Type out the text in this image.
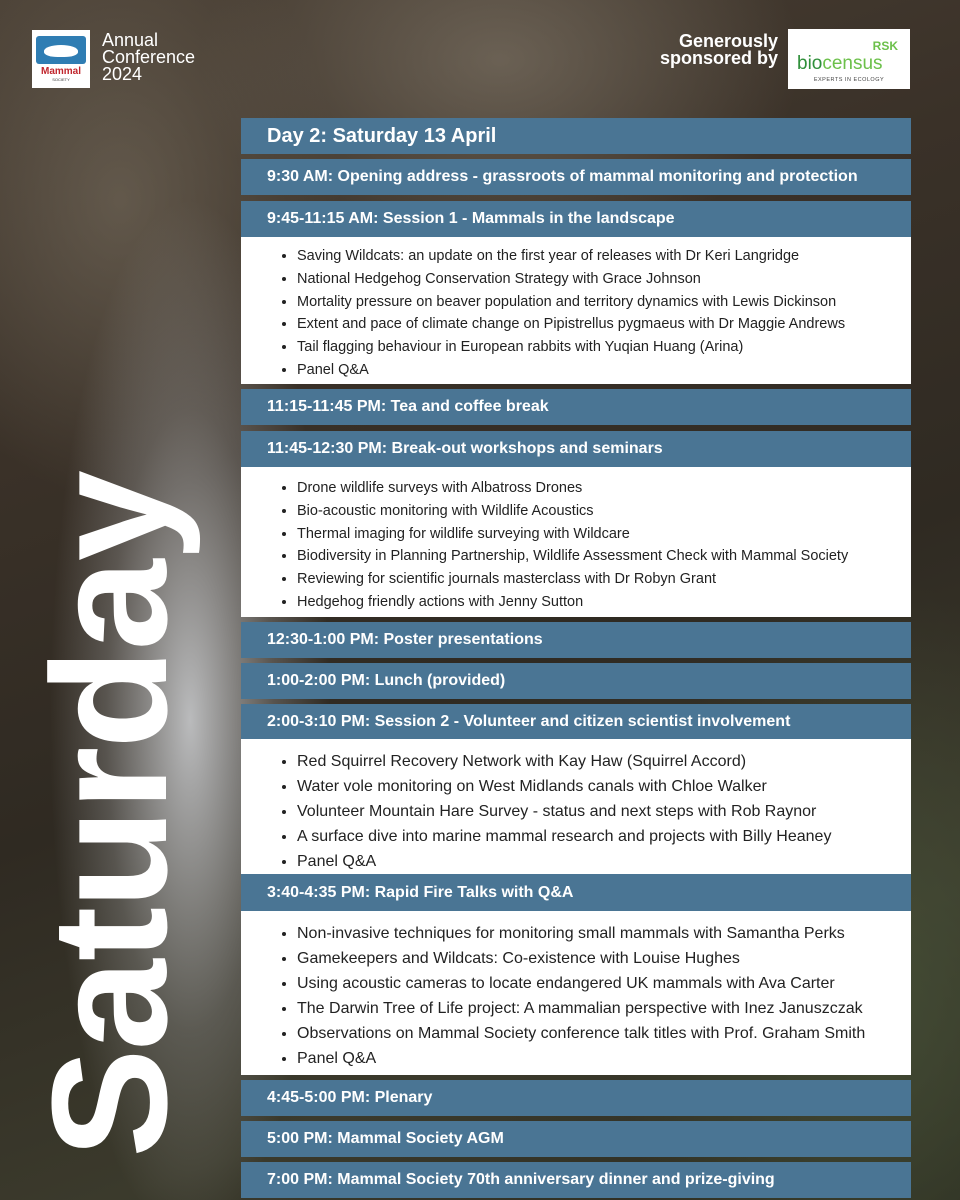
Mammal
SOCIETY
Annual
Conference
2024
Generously
sponsored by
RSK
biocensus
EXPERTS IN ECOLOGY
Saturday
Day 2: Saturday 13 April
9:30 AM: Opening address - grassroots of mammal monitoring and protection
9:45-11:15 AM: Session 1 - Mammals in the landscape
• Saving Wildcats: an update on the first year of releases with Dr Keri Langridge
• National Hedgehog Conservation Strategy with Grace Johnson
• Mortality pressure on beaver population and territory dynamics with Lewis Dickinson
• Extent and pace of climate change on Pipistrellus pygmaeus with Dr Maggie Andrews
• Tail flagging behaviour in European rabbits with Yuqian Huang (Arina)
• Panel Q&A
11:15-11:45 PM: Tea and coffee break
11:45-12:30 PM: Break-out workshops and seminars
• Drone wildlife surveys with Albatross Drones
• Bio-acoustic monitoring with Wildlife Acoustics
• Thermal imaging for wildlife surveying with Wildcare
• Biodiversity in Planning Partnership, Wildlife Assessment Check with Mammal Society
• Reviewing for scientific journals masterclass with Dr Robyn Grant
• Hedgehog friendly actions with Jenny Sutton
12:30-1:00 PM: Poster presentations
1:00-2:00 PM: Lunch (provided)
2:00-3:10 PM: Session 2 - Volunteer and citizen scientist involvement
• Red Squirrel Recovery Network with Kay Haw (Squirrel Accord)
• Water vole monitoring on West Midlands canals with Chloe Walker
• Volunteer Mountain Hare Survey - status and next steps with Rob Raynor
• A surface dive into marine mammal research and projects with Billy Heaney
• Panel Q&A
3:40-4:35 PM: Rapid Fire Talks with Q&A
• Non-invasive techniques for monitoring small mammals with Samantha Perks
• Gamekeepers and Wildcats: Co-existence with Louise Hughes
• Using acoustic cameras to locate endangered UK mammals with Ava Carter
• The Darwin Tree of Life project: A mammalian perspective with Inez Januszczak
• Observations on Mammal Society conference talk titles with Prof. Graham Smith
• Panel Q&A
4:45-5:00 PM: Plenary
5:00 PM: Mammal Society AGM
7:00 PM: Mammal Society 70th anniversary dinner and prize-giving
